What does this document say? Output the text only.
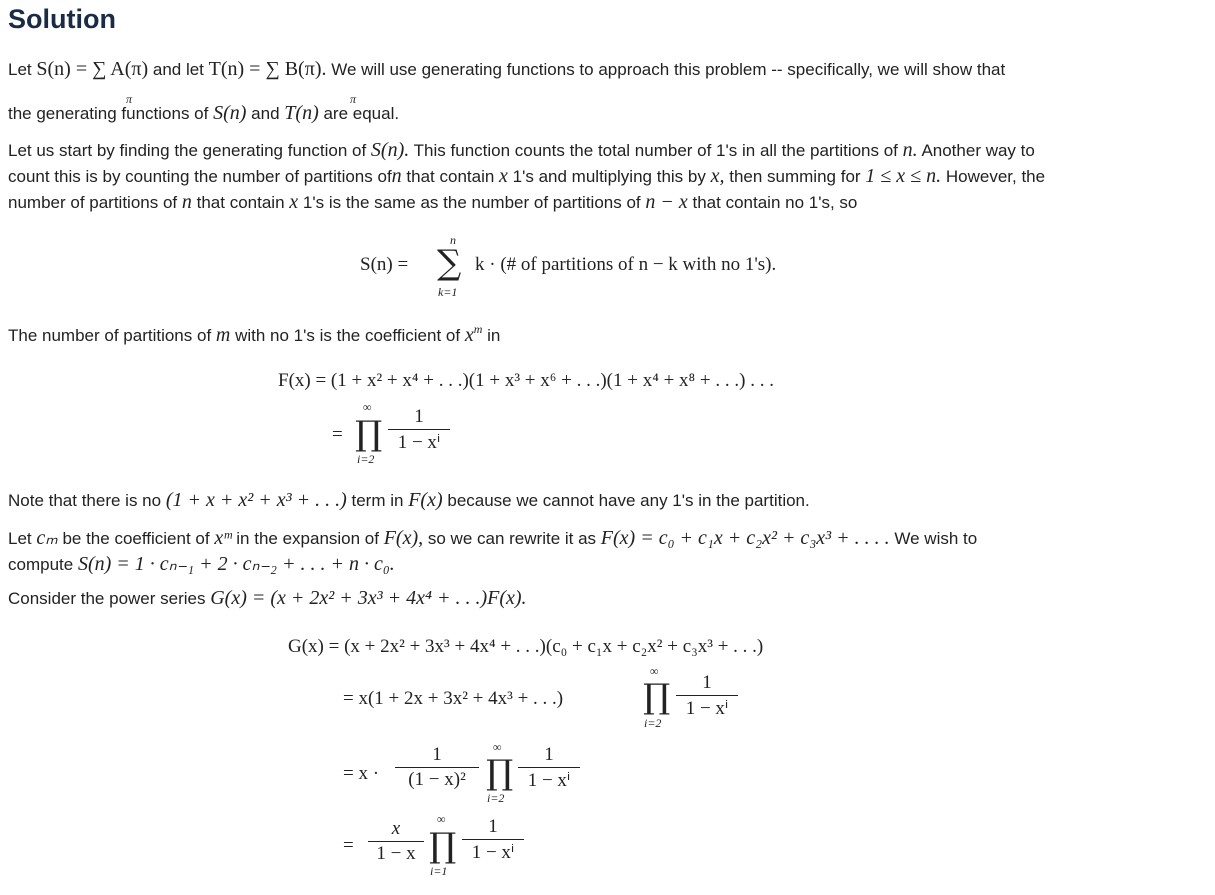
Solution
Let S(n) = ∑ A(π) and let T(n) = ∑ B(π). We will use generating functions to approach this problem -- specifically, we will show that
π	π
the generating functions of S(n) and T(n) are equal.
Let us start by finding the generating function of S(n). This function counts the total number of 1's in all the partitions of n. Another way to
count this is by counting the number of partitions ofn that contain x 1's and multiplying this by x, then summing for 1 ≤ x ≤ n. However, the
number of partitions of n that contain x 1's is the same as the number of partitions of n − x that contain no 1's, so
S(n) =
n
∑
k=1
k · (# of partitions of n − k with no 1's).
The number of partitions of m with no 1's is the coefficient of $x^m$ in
F(x) = (1 + x² + x⁴ + . . .)(1 + x³ + x⁶ + . . .)(1 + x⁴ + x⁸ + . . .) . . .
=
∞
∏
i=2
1
1 − xⁱ
Note that there is no (1 + x + x² + x³ + . . .) term in F(x) because we cannot have any 1's in the partition.
Let cₘ be the coefficient of xᵐ in the expansion of F(x), so we can rewrite it as F(x) = c₀ + c₁x + c₂x² + c₃x³ + . . . . We wish to
compute S(n) = 1 · cₙ₋₁ + 2 · cₙ₋₂ + . . . + n · c₀.
Consider the power series G(x) = (x + 2x² + 3x³ + 4x⁴ + . . .)F(x).
G(x) = (x + 2x² + 3x³ + 4x⁴ + . . .)(c₀ + c₁x + c₂x² + c₃x³ + . . .)
= x(1 + 2x + 3x² + 4x³ + . . .)
∞
∏
i=2
1
1 − xⁱ
= x ·
1
(1 − x)²
∞
∏
i=2
1
1 − xⁱ
=
x
1 − x
∞
∏
i=1
1
1 − xⁱ
